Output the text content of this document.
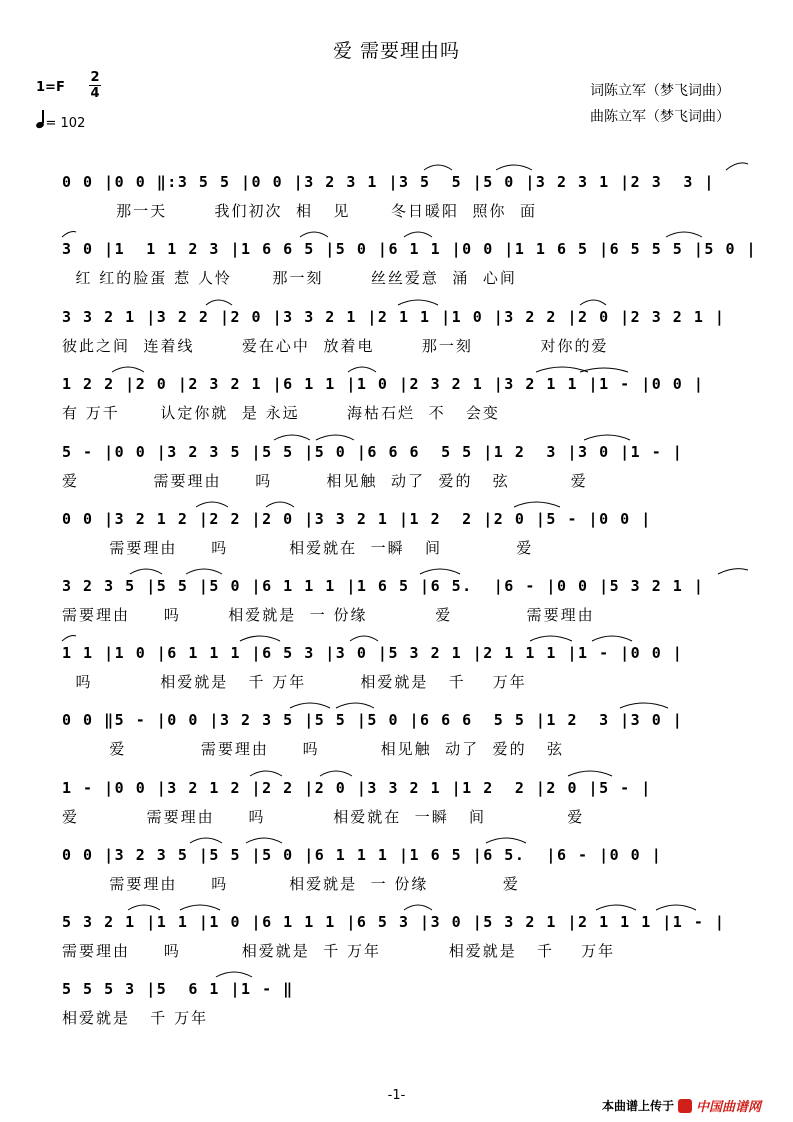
爱 需要理由吗
1=F
2
4
= 102
词陈立军（梦飞词曲）
曲陈立军（梦飞词曲）
0 0 |0 0 ‖:3 5 5 |0 0 |3 2 3 1 |3 5  5 |5 0 |3 2 3 1 |2 3  3 |
那一天       我们初次  相   见      冬日暖阳  照你  面
3 0 |1  1 1 2 3 |1 6 6 5 |5 0 |6 1 1 |0 0 |1 1 6 5 |6 5 5 5 |5 0 |
红 红的脸蛋 惹 人怜      那一刻       丝丝爱意  涌  心间
3 3 2 1 |3 2 2 |2 0 |3 3 2 1 |2 1 1 |1 0 |3 2 2 |2 0 |2 3 2 1 |
彼此之间  连着线       爱在心中  放着电       那一刻          对你的爱
1 2 2 |2 0 |2 3 2 1 |6 1 1 |1 0 |2 3 2 1 |3 2 1 1 |1 - |0 0 |
有 万千      认定你就  是 永远       海枯石烂  不   会变
5 - |0 0 |3 2 3 5 |5 5 |5 0 |6 6 6  5 5 |1 2  3 |3 0 |1 - |
爱           需要理由     吗        相见触  动了  爱的   弦         爱
0 0 |3 2 1 2 |2 2 |2 0 |3 3 2 1 |1 2  2 |2 0 |5 - |0 0 |
需要理由     吗         相爱就在  一瞬   间           爱
3 2 3 5 |5 5 |5 0 |6 1 1 1 |1 6 5 |6 5.  |6 - |0 0 |5 3 2 1 |
需要理由     吗       相爱就是  一 份缘          爱           需要理由
1 1 |1 0 |6 1 1 1 |6 5 3 |3 0 |5 3 2 1 |2 1 1 1 |1 - |0 0 |
吗          相爱就是   千 万年        相爱就是   千    万年
0 0 ‖5 - |0 0 |3 2 3 5 |5 5 |5 0 |6 6 6  5 5 |1 2  3 |3 0 |
爱           需要理由     吗         相见触  动了  爱的   弦
1 - |0 0 |3 2 1 2 |2 2 |2 0 |3 3 2 1 |1 2  2 |2 0 |5 - |
爱          需要理由     吗          相爱就在  一瞬   间            爱
0 0 |3 2 3 5 |5 5 |5 0 |6 1 1 1 |1 6 5 |6 5.  |6 - |0 0 |
需要理由     吗         相爱就是  一 份缘           爱
5 3 2 1 |1 1 |1 0 |6 1 1 1 |6 5 3 |3 0 |5 3 2 1 |2 1 1 1 |1 - |
需要理由     吗         相爱就是  千 万年          相爱就是   千    万年
5 5 5 3 |5  6 1 |1 - ‖
相爱就是   千 万年
-1-
本曲谱上传于 中国曲谱网
